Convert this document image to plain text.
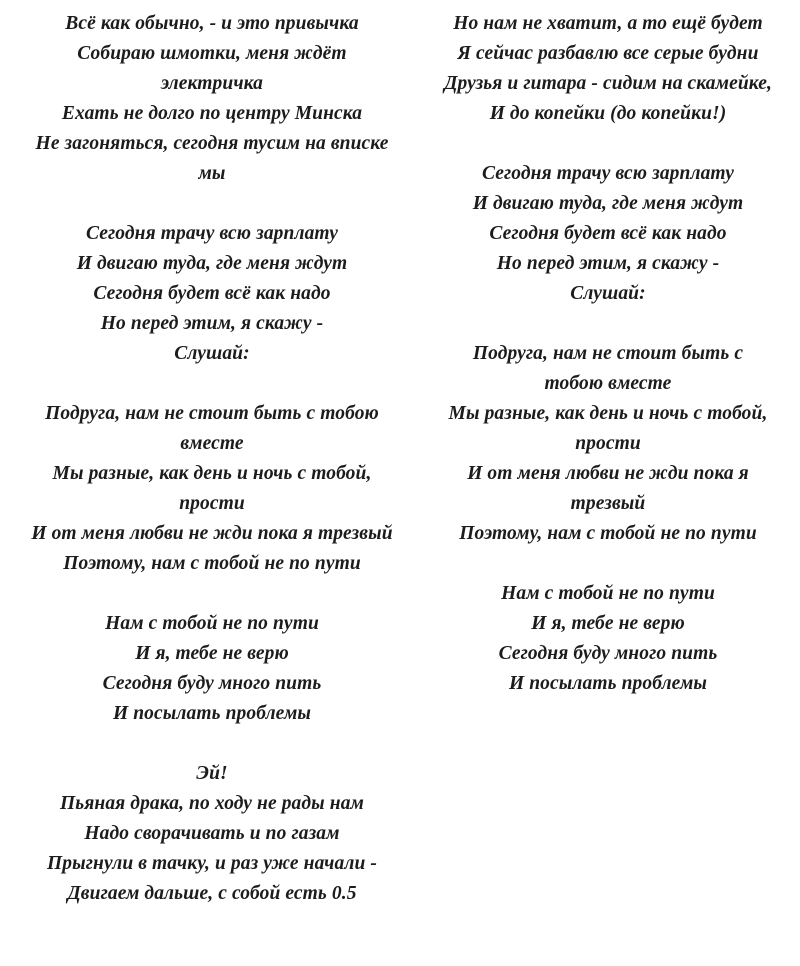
Всё как обычно, - и это привычка
Собираю шмотки, меня ждёт
электричка
Ехать не долго по центру Минска
Не загоняться, сегодня тусим на вписке
мы
Сегодня трачу всю зарплату
И двигаю туда, где меня ждут
Сегодня будет всё как надо
Но перед этим, я скажу -
Слушай:
Подруга, нам не стоит быть с тобою
вместе
Мы разные, как день и ночь с тобой,
прости
И от меня любви не жди пока я трезвый
Поэтому, нам с тобой не по пути
Нам с тобой не по пути
И я, тебе не верю
Сегодня буду много пить
И посылать проблемы
Эй!
Пьяная драка, по ходу не рады нам
Надо сворачивать и по газам
Прыгнули в тачку, и раз уже начали -
Двигаем дальше, с собой есть 0.5
Но нам не хватит, а то ещё будет
Я сейчас разбавлю все серые будни
Друзья и гитара - сидим на скамейке,
И до копейки (до копейки!)
Сегодня трачу всю зарплату
И двигаю туда, где меня ждут
Сегодня будет всё как надо
Но перед этим, я скажу -
Слушай:
Подруга, нам не стоит быть с
тобою вместе
Мы разные, как день и ночь с тобой,
прости
И от меня любви не жди пока я
трезвый
Поэтому, нам с тобой не по пути
Нам с тобой не по пути
И я, тебе не верю
Сегодня буду много пить
И посылать проблемы
